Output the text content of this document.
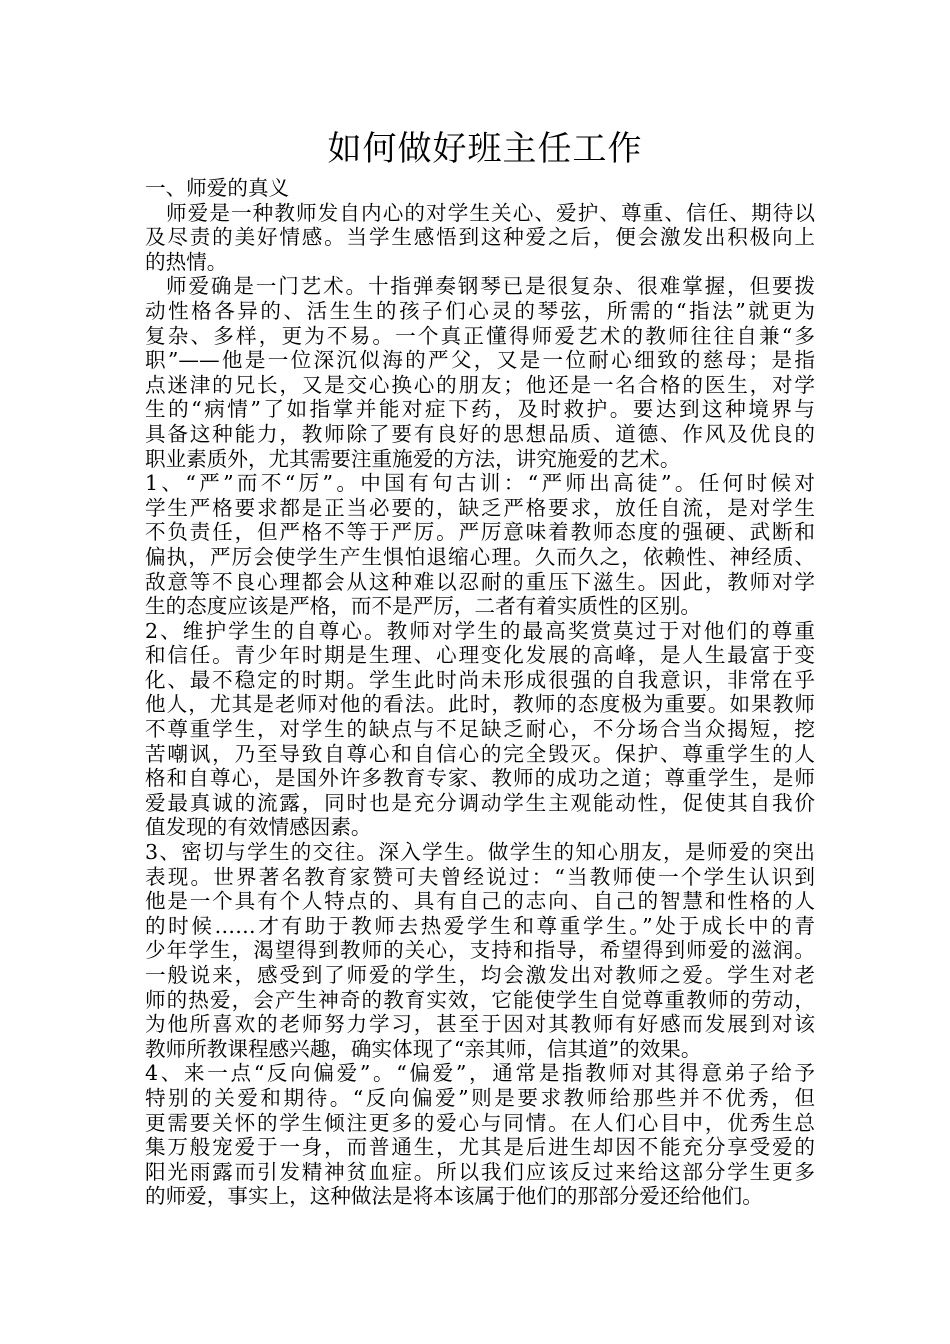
如何做好班主任工作
一、师爱的真义
师爱是一种教师发自内心的对学生关心、爱护、尊重、信任、期待以
及尽责的美好情感。当学生感悟到这种爱之后，便会激发出积极向上
的热情。
师爱确是一门艺术。十指弹奏钢琴已是很复杂、很难掌握，但要拨
动性格各异的、活生生的孩子们心灵的琴弦，所需的“指法”就更为
复杂、多样，更为不易。一个真正懂得师爱艺术的教师往往自兼“多
职”——他是一位深沉似海的严父，又是一位耐心细致的慈母；是指
点迷津的兄长，又是交心换心的朋友；他还是一名合格的医生，对学
生的“病情”了如指掌并能对症下药，及时救护。要达到这种境界与
具备这种能力，教师除了要有良好的思想品质、道德、作风及优良的
职业素质外，尤其需要注重施爱的方法，讲究施爱的艺术。
1、“严”而不“厉”。中国有句古训：“严师出高徒”。任何时候对
学生严格要求都是正当必要的，缺乏严格要求，放任自流，是对学生
不负责任，但严格不等于严厉。严厉意味着教师态度的强硬、武断和
偏执，严厉会使学生产生惧怕退缩心理。久而久之，依赖性、神经质、
敌意等不良心理都会从这种难以忍耐的重压下滋生。因此，教师对学
生的态度应该是严格，而不是严厉，二者有着实质性的区别。
2、维护学生的自尊心。教师对学生的最高奖赏莫过于对他们的尊重
和信任。青少年时期是生理、心理变化发展的高峰，是人生最富于变
化、最不稳定的时期。学生此时尚未形成很强的自我意识，非常在乎
他人，尤其是老师对他的看法。此时，教师的态度极为重要。如果教师
不尊重学生，对学生的缺点与不足缺乏耐心，不分场合当众揭短，挖
苦嘲讽，乃至导致自尊心和自信心的完全毁灭。保护、尊重学生的人
格和自尊心，是国外许多教育专家、教师的成功之道；尊重学生，是师
爱最真诚的流露，同时也是充分调动学生主观能动性，促使其自我价
值发现的有效情感因素。
3、密切与学生的交往。深入学生。做学生的知心朋友，是师爱的突出
表现。世界著名教育家赞可夫曾经说过：“当教师使一个学生认识到
他是一个具有个人特点的、具有自己的志向、自己的智慧和性格的人
的时候……才有助于教师去热爱学生和尊重学生。”处于成长中的青
少年学生，渴望得到教师的关心，支持和指导，希望得到师爱的滋润。
一般说来，感受到了师爱的学生，均会激发出对教师之爱。学生对老
师的热爱，会产生神奇的教育实效，它能使学生自觉尊重教师的劳动，
为他所喜欢的老师努力学习，甚至于因对其教师有好感而发展到对该
教师所教课程感兴趣，确实体现了“亲其师，信其道”的效果。
4、来一点“反向偏爱”。“偏爱”，通常是指教师对其得意弟子给予
特别的关爱和期待。“反向偏爱”则是要求教师给那些并不优秀，但
更需要关怀的学生倾注更多的爱心与同情。在人们心目中，优秀生总
集万般宠爱于一身，而普通生，尤其是后进生却因不能充分享受爱的
阳光雨露而引发精神贫血症。所以我们应该反过来给这部分学生更多
的师爱，事实上，这种做法是将本该属于他们的那部分爱还给他们。
